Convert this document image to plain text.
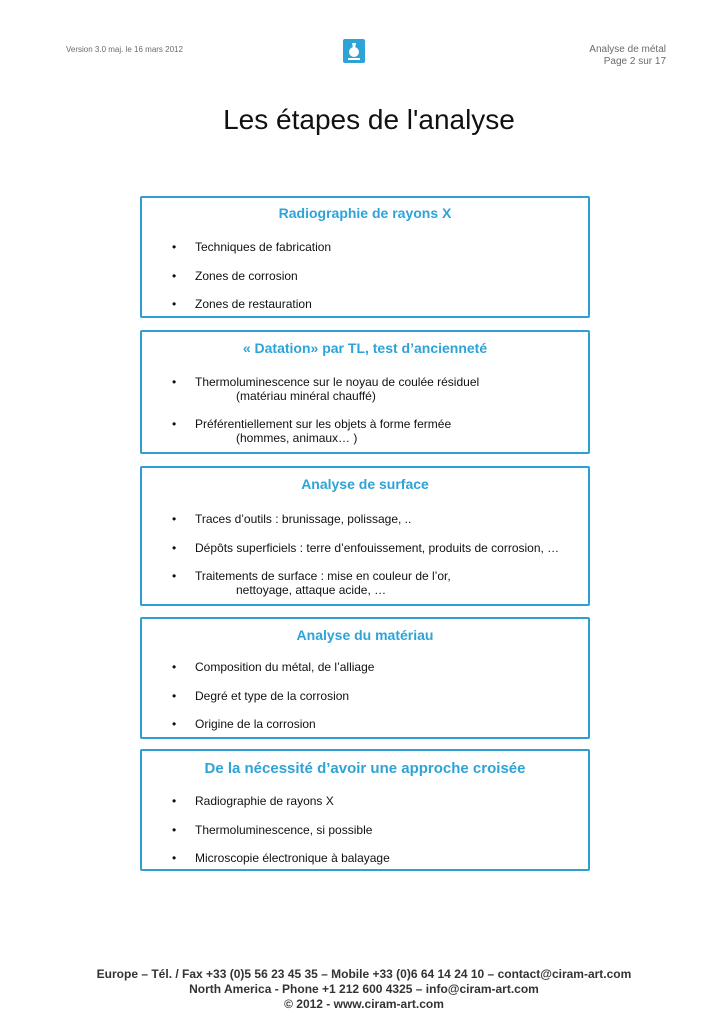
Version 3.0 maj. le 16 mars 2012	Analyse de métal
Page 2 sur 17
Les étapes de l'analyse
Radiographie de rayons X
• Techniques de fabrication
• Zones de corrosion
• Zones de restauration
« Datation» par TL, test d’ancienneté
• Thermoluminescence sur le noyau de coulée résiduel
(matériau minéral chauffé)
• Préférentiellement sur les objets à forme fermée
(hommes, animaux… )
Analyse de surface
• Traces d’outils : brunissage, polissage, ..
• Dépôts superficiels : terre d’enfouissement, produits de corrosion, …
• Traitements de surface : mise en couleur de l’or,
nettoyage, attaque acide, …
Analyse du matériau
• Composition du métal, de l’alliage
• Degré et type de la corrosion
• Origine de la corrosion
De la nécessité d’avoir une approche croisée
• Radiographie de rayons X
• Thermoluminescence, si possible
• Microscopie électronique à balayage
Europe – Tél. / Fax +33 (0)5 56 23 45 35 – Mobile +33 (0)6 64 14 24 10 – contact@ciram-art.com
North America - Phone +1 212 600 4325 – info@ciram-art.com
© 2012 - www.ciram-art.com
